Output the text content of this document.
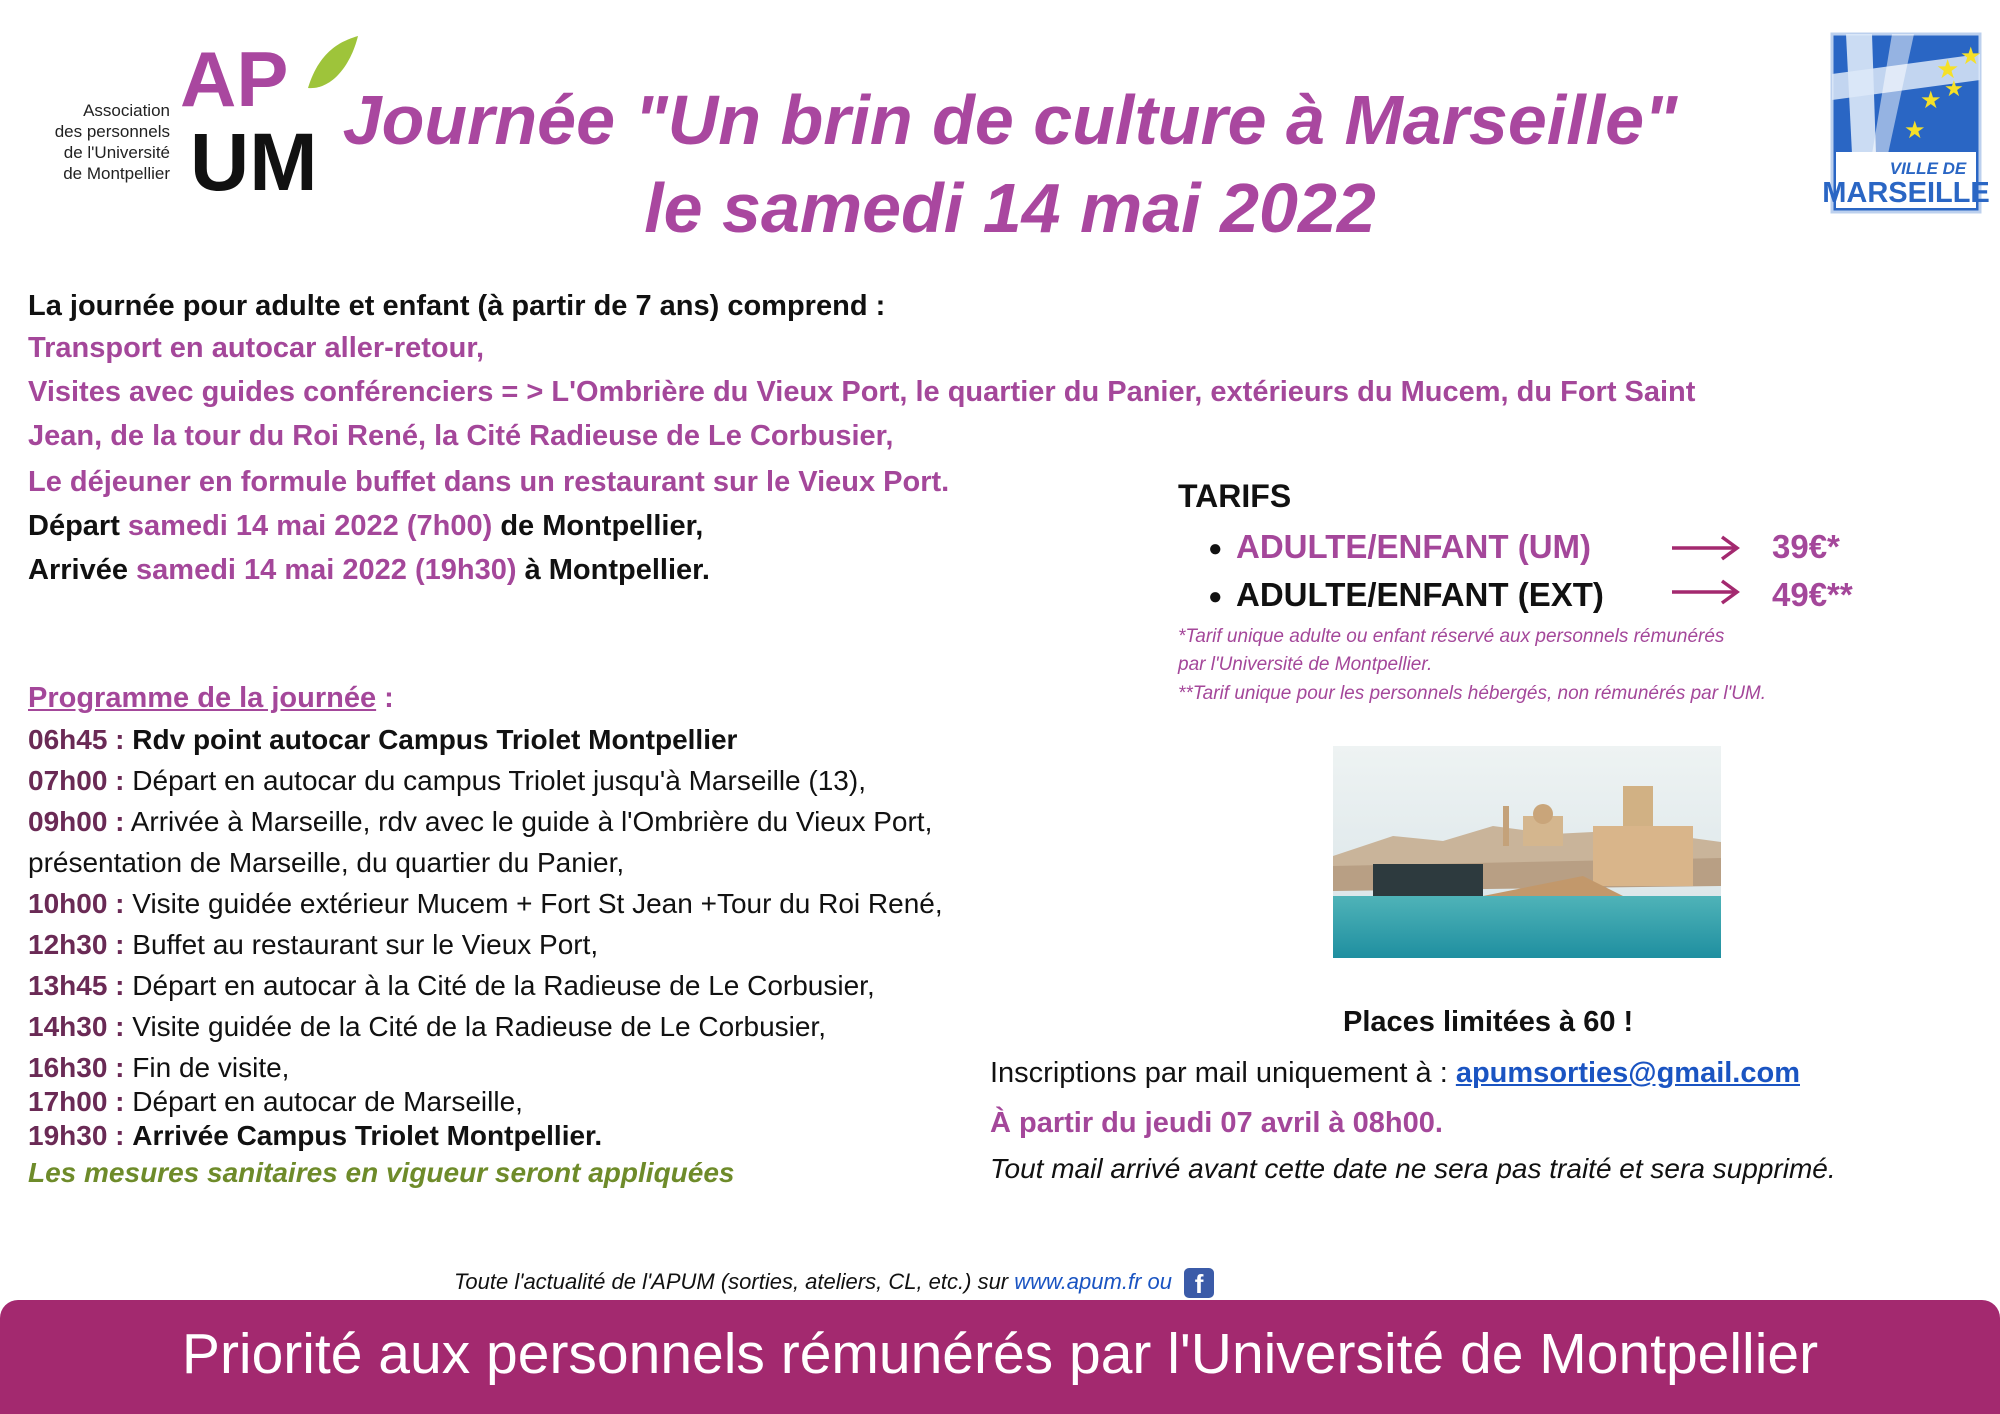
Association
des personnels
de l'Université
de Montpellier
AP
UM Journée "Un brin de culture à Marseille"
le samedi 14 mai 2022
★ ★
★ ★
★
VILLE DE
MARSEILLE
La journée pour adulte et enfant (à partir de 7 ans) comprend :
Transport en autocar aller-retour,
Visites avec guides conférenciers = > L'Ombrière du Vieux Port, le quartier du Panier, extérieurs du Mucem, du Fort Saint
Jean, de la tour du Roi René, la Cité Radieuse de Le Corbusier,
Le déjeuner en formule buffet dans un restaurant sur le Vieux Port.
Départ samedi 14 mai 2022 (7h00) de Montpellier,
Arrivée samedi 14 mai 2022 (19h30) à Montpellier.
Programme de la journée :
06h45 : Rdv point autocar Campus Triolet Montpellier
07h00 : Départ en autocar du campus Triolet jusqu'à Marseille (13),
09h00 : Arrivée à Marseille, rdv avec le guide à l'Ombrière du Vieux Port,
présentation de Marseille, du quartier du Panier,
10h00 : Visite guidée extérieur Mucem + Fort St Jean +Tour du Roi René,
12h30 : Buffet au restaurant sur le Vieux Port,
13h45 : Départ en autocar à la Cité de la Radieuse de Le Corbusier,
14h30 : Visite guidée de la Cité de la Radieuse de Le Corbusier,
16h30 : Fin de visite,
17h00 : Départ en autocar de Marseille,
19h30 : Arrivée Campus Triolet Montpellier.
Les mesures sanitaires en vigueur seront appliquées
TARIFS
● ADULTE/ENFANT (UM)	39€*
● ADULTE/ENFANT (EXT)	49€**
*Tarif unique adulte ou enfant réservé aux personnels rémunérés
par l'Université de Montpellier.
**Tarif unique pour les personnels hébergés, non rémunérés par l'UM.
Places limitées à 60 !
Inscriptions par mail uniquement à : apumsorties@gmail.com
À partir du jeudi 07 avril à 08h00.
Tout mail arrivé avant cette date ne sera pas traité et sera supprimé.
Toute l'actualité de l'APUM (sorties, ateliers, CL, etc.) sur www.apum.fr ou f
Priorité aux personnels rémunérés par l'Université de Montpellier
